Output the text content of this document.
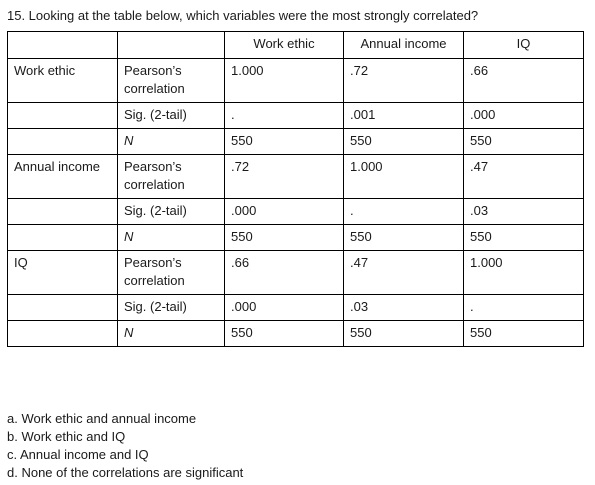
15. Looking at the table below, which variables were the most strongly correlated?
		Work ethic	Annual income	IQ
Work ethic	Pearson’s correlation	1.000	.72	.66
	Sig. (2-tail)	.	.001	.000
	N	550	550	550
Annual income	Pearson’s correlation	.72	1.000	.47
	Sig. (2-tail)	.000	.	.03
	N	550	550	550
IQ	Pearson’s correlation	.66	.47	1.000
	Sig. (2-tail)	.000	.03	.
	N	550	550	550
a. Work ethic and annual income
b. Work ethic and IQ
c. Annual income and IQ
d. None of the correlations are significant
